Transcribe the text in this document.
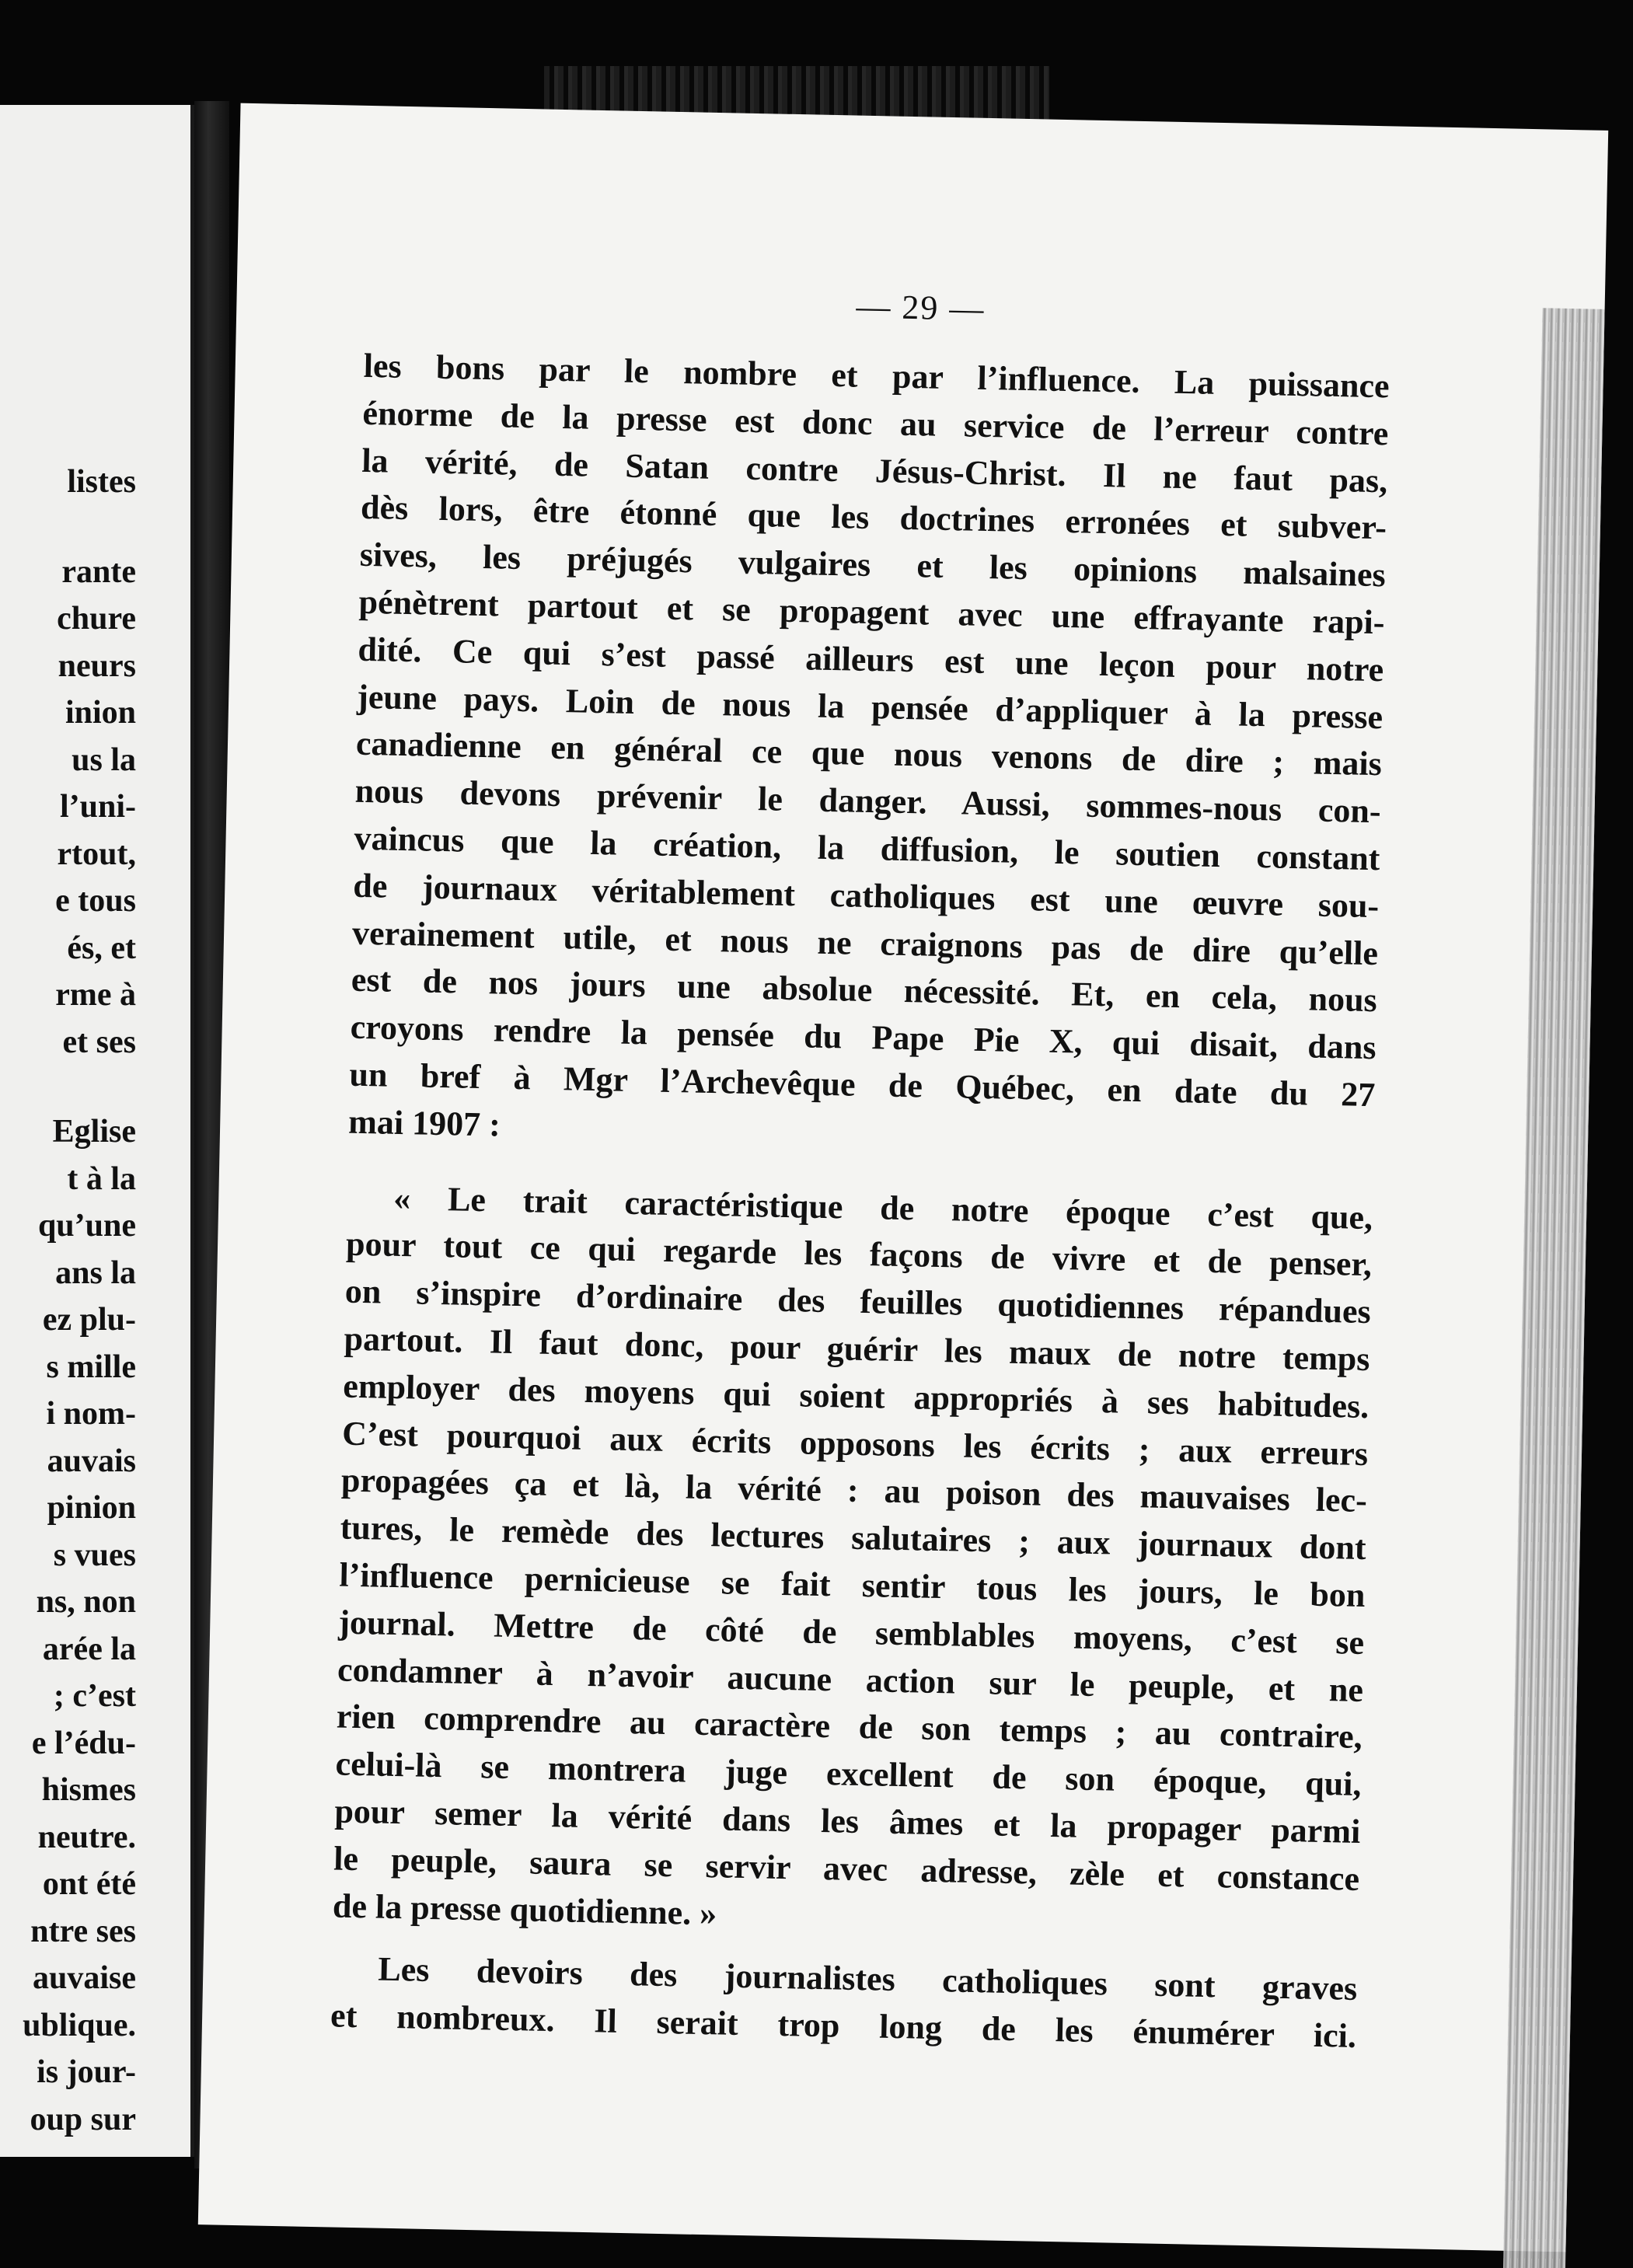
listes
rante
chure
neurs
inion
us la
l’uni-
rtout,
e tous
és, et
rme à
et ses
Eglise
t à la
qu’une
ans la
ez plu-
s mille
i nom-
auvais
pinion
s vues
ns, non
arée la
; c’est
e l’édu-
hismes
neutre.
ont été
ntre ses
auvaise
ublique.
is jour-
oup sur
— 29 —
les bons par le nombre et par l’influence. La puissance
énorme de la presse est donc au service de l’erreur contre
la vérité, de Satan contre Jésus-Christ. Il ne faut pas,
dès lors, être étonné que les doctrines erronées et subver-
sives, les préjugés vulgaires et les opinions malsaines
pénètrent partout et se propagent avec une effrayante rapi-
dité. Ce qui s’est passé ailleurs est une leçon pour notre
jeune pays. Loin de nous la pensée d’appliquer à la presse
canadienne en général ce que nous venons de dire ; mais
nous devons prévenir le danger. Aussi, sommes-nous con-
vaincus que la création, la diffusion, le soutien constant
de journaux véritablement catholiques est une œuvre sou-
verainement utile, et nous ne craignons pas de dire qu’elle
est de nos jours une absolue nécessité. Et, en cela, nous
croyons rendre la pensée du Pape Pie X, qui disait, dans
un bref à Mgr l’Archevêque de Québec, en date du 27
mai 1907 :
« Le trait caractéristique de notre époque c’est que,
pour tout ce qui regarde les façons de vivre et de penser,
on s’inspire d’ordinaire des feuilles quotidiennes répandues
partout. Il faut donc, pour guérir les maux de notre temps
employer des moyens qui soient appropriés à ses habitudes.
C’est pourquoi aux écrits opposons les écrits ; aux erreurs
propagées ça et là, la vérité : au poison des mauvaises lec-
tures, le remède des lectures salutaires ; aux journaux dont
l’influence pernicieuse se fait sentir tous les jours, le bon
journal. Mettre de côté de semblables moyens, c’est se
condamner à n’avoir aucune action sur le peuple, et ne
rien comprendre au caractère de son temps ; au contraire,
celui-là se montrera juge excellent de son époque, qui,
pour semer la vérité dans les âmes et la propager parmi
le peuple, saura se servir avec adresse, zèle et constance
de la presse quotidienne. »
Les devoirs des journalistes catholiques sont graves
et nombreux. Il serait trop long de les énumérer ici.
